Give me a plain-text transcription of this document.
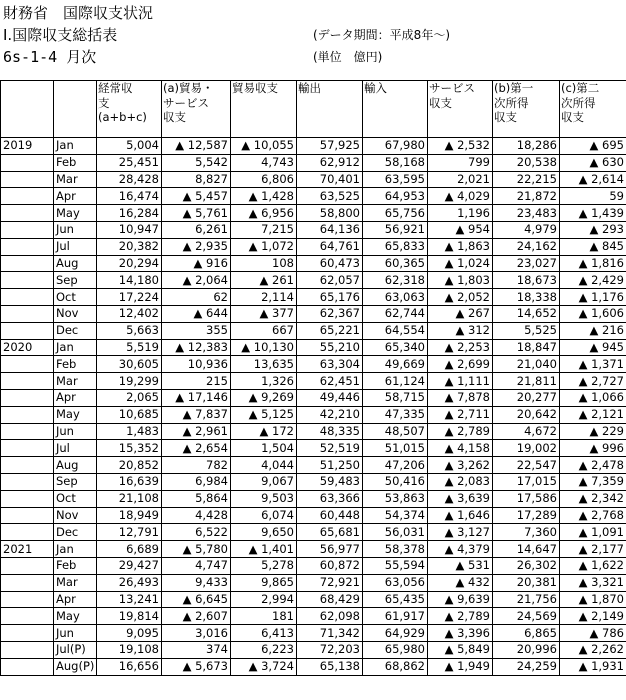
財務省　国際収支状況
Ⅰ.国際収支総括表
6s-1-4 月次
(データ期間：平成8年～)
(単位　億円)

		経常収
支
(a+b+c)	(a)貿易・
サービス
収支	貿易収支	輸出	輸入	サービス
収支	(b)第一
次所得
収支	(c)第二
次所得
収支

2019	Jan	5,004	▲ 12,587	▲ 10,055	57,925	67,980	▲ 2,532	18,286	▲ 695
	Feb	25,451	5,542	4,743	62,912	58,168	799	20,538	▲ 630
	Mar	28,428	8,827	6,806	70,401	63,595	2,021	22,215	▲ 2,614
	Apr	16,474	▲ 5,457	▲ 1,428	63,525	64,953	▲ 4,029	21,872	59
	May	16,284	▲ 5,761	▲ 6,956	58,800	65,756	1,196	23,483	▲ 1,439
	Jun	10,947	6,261	7,215	64,136	56,921	▲ 954	4,979	▲ 293
	Jul	20,382	▲ 2,935	▲ 1,072	64,761	65,833	▲ 1,863	24,162	▲ 845
	Aug	20,294	▲ 916	108	60,473	60,365	▲ 1,024	23,027	▲ 1,816
	Sep	14,180	▲ 2,064	▲ 261	62,057	62,318	▲ 1,803	18,673	▲ 2,429
	Oct	17,224	62	2,114	65,176	63,063	▲ 2,052	18,338	▲ 1,176
	Nov	12,402	▲ 644	▲ 377	62,367	62,744	▲ 267	14,652	▲ 1,606
	Dec	5,663	355	667	65,221	64,554	▲ 312	5,525	▲ 216
2020	Jan	5,519	▲ 12,383	▲ 10,130	55,210	65,340	▲ 2,253	18,847	▲ 945
	Feb	30,605	10,936	13,635	63,304	49,669	▲ 2,699	21,040	▲ 1,371
	Mar	19,299	215	1,326	62,451	61,124	▲ 1,111	21,811	▲ 2,727
	Apr	2,065	▲ 17,146	▲ 9,269	49,446	58,715	▲ 7,878	20,277	▲ 1,066
	May	10,685	▲ 7,837	▲ 5,125	42,210	47,335	▲ 2,711	20,642	▲ 2,121
	Jun	1,483	▲ 2,961	▲ 172	48,335	48,507	▲ 2,789	4,672	▲ 229
	Jul	15,352	▲ 2,654	1,504	52,519	51,015	▲ 4,158	19,002	▲ 996
	Aug	20,852	782	4,044	51,250	47,206	▲ 3,262	22,547	▲ 2,478
	Sep	16,639	6,984	9,067	59,483	50,416	▲ 2,083	17,015	▲ 7,359
	Oct	21,108	5,864	9,503	63,366	53,863	▲ 3,639	17,586	▲ 2,342
	Nov	18,949	4,428	6,074	60,448	54,374	▲ 1,646	17,289	▲ 2,768
	Dec	12,791	6,522	9,650	65,681	56,031	▲ 3,127	7,360	▲ 1,091
2021	Jan	6,689	▲ 5,780	▲ 1,401	56,977	58,378	▲ 4,379	14,647	▲ 2,177
	Feb	29,427	4,747	5,278	60,872	55,594	▲ 531	26,302	▲ 1,622
	Mar	26,493	9,433	9,865	72,921	63,056	▲ 432	20,381	▲ 3,321
	Apr	13,241	▲ 6,645	2,994	68,429	65,435	▲ 9,639	21,756	▲ 1,870
	May	19,814	▲ 2,607	181	62,098	61,917	▲ 2,789	24,569	▲ 2,149
	Jun	9,095	3,016	6,413	71,342	64,929	▲ 3,396	6,865	▲ 786
	Jul(P)	19,108	374	6,223	72,203	65,980	▲ 5,849	20,996	▲ 2,262
	Aug(P)	16,656	▲ 5,673	▲ 3,724	65,138	68,862	▲ 1,949	24,259	▲ 1,931
